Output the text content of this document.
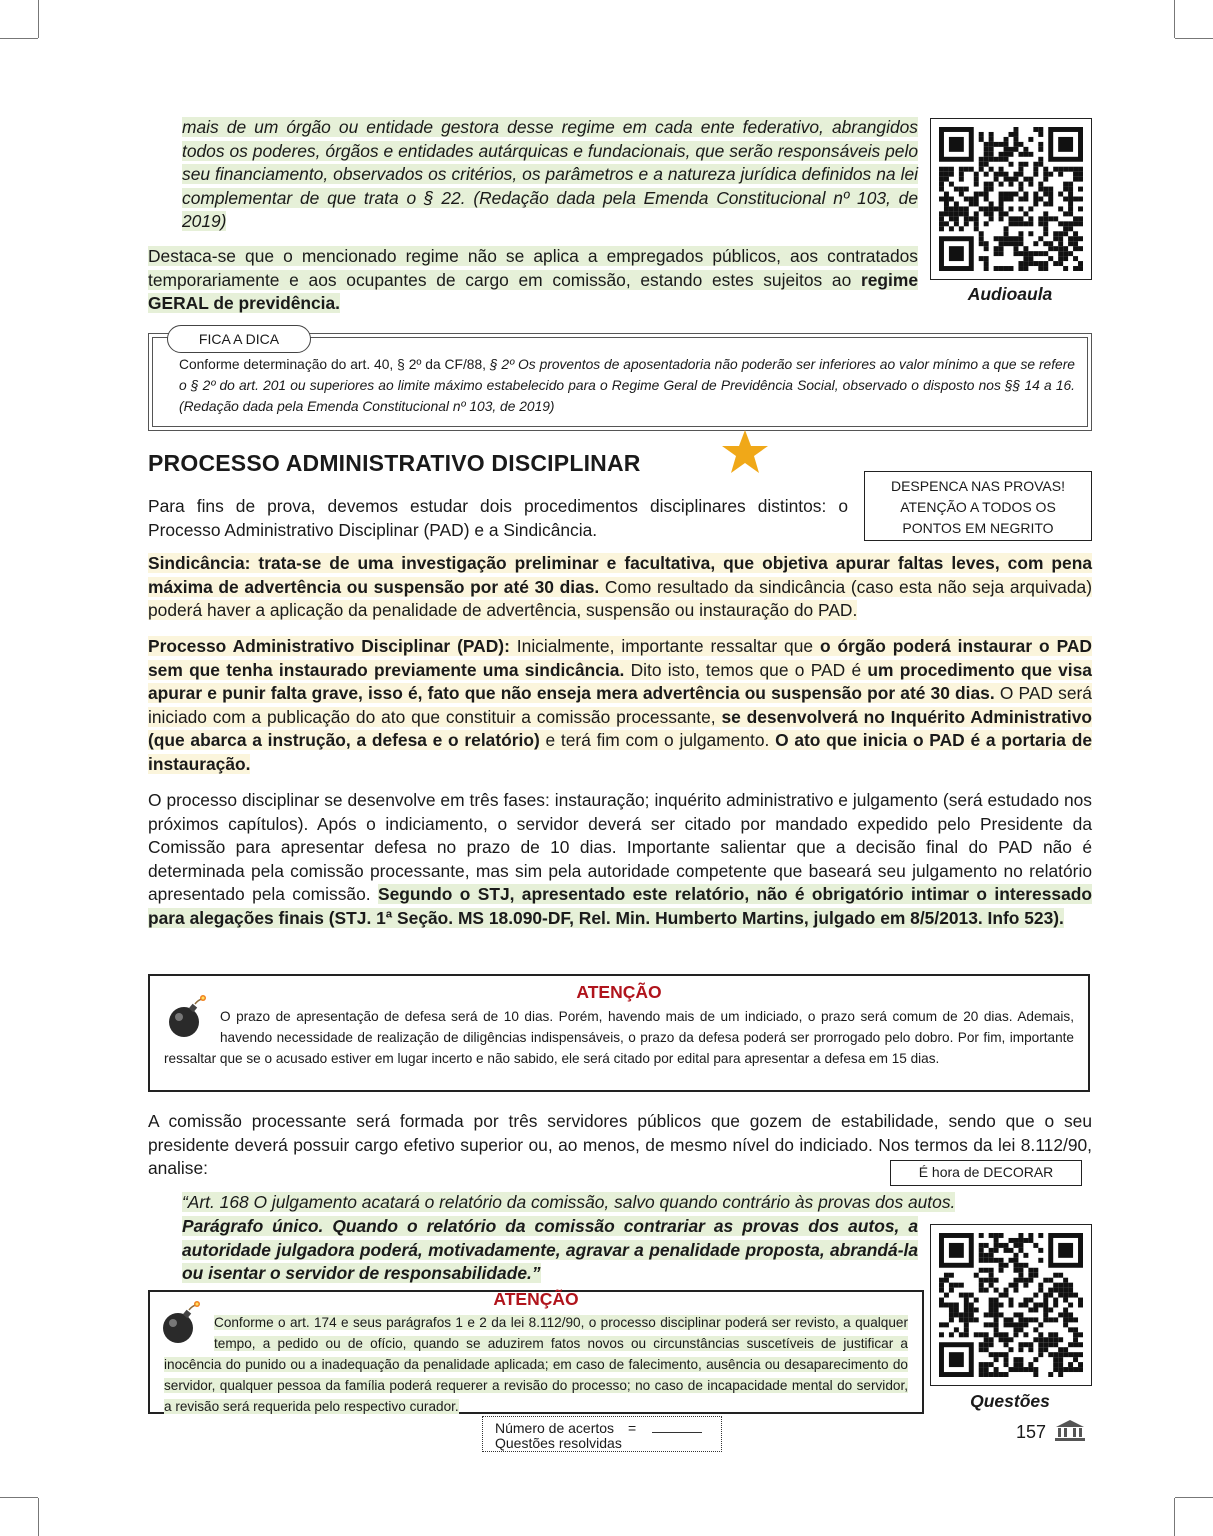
mais de um órgão ou entidade gestora desse regime em cada ente federativo, abrangidos todos os poderes, órgãos e entidades autárquicas e fundacionais, que serão responsáveis pelo seu financiamento, observados os critérios, os parâmetros e a natureza jurídica definidos na lei complementar de que trata o § 22. (Redação dada pela Emenda Constitucional nº 103, de 2019)

Destaca-se que o mencionado regime não se aplica a empregados públicos, aos contratados temporariamente e aos ocupantes de cargo em comissão, estando estes sujeitos ao regime GERAL de previdência.	Audioaula
FICA A DICA
Conforme determinação do art. 40, § 2º da CF/88, § 2º Os proventos de aposentadoria não poderão ser inferiores ao valor mínimo a que se refere o § 2º do art. 201 ou superiores ao limite máximo estabelecido para o Regime Geral de Previdência Social, observado o disposto nos §§ 14 a 16. (Redação dada pela Emenda Constitucional nº 103, de 2019)
PROCESSO ADMINISTRATIVO DISCIPLINAR
DESPENCA NAS PROVAS!
ATENÇÃO A TODOS OS
PONTOS EM NEGRITO

Para fins de prova, devemos estudar dois procedimentos disciplinares distintos: o Processo Administrativo Disciplinar (PAD) e a Sindicância.

Sindicância: trata-se de uma investigação preliminar e facultativa, que objetiva apurar faltas leves, com pena máxima de advertência ou suspensão por até 30 dias. Como resultado da sindicância (caso esta não seja arquivada) poderá haver a aplicação da penalidade de advertência, suspensão ou instauração do PAD.

Processo Administrativo Disciplinar (PAD): Inicialmente, importante ressaltar que o órgão poderá instaurar o PAD sem que tenha instaurado previamente uma sindicância. Dito isto, temos que o PAD é um procedimento que visa apurar e punir falta grave, isso é, fato que não enseja mera advertência ou suspensão por até 30 dias. O PAD será iniciado com a publicação do ato que constituir a comissão processante, se desenvolverá no Inquérito Administrativo (que abarca a instrução, a defesa e o relatório) e terá fim com o julgamento. O ato que inicia o PAD é a portaria de instauração.

O processo disciplinar se desenvolve em três fases: instauração; inquérito administrativo e julgamento (será estudado nos próximos capítulos). Após o indiciamento, o servidor deverá ser citado por mandado expedido pelo Presidente da Comissão para apresentar defesa no prazo de 10 dias. Importante salientar que a decisão final do PAD não é determinada pela comissão processante, mas sim pela autoridade competente que baseará seu julgamento no relatório apresentado pela comissão. Segundo o STJ, apresentado este relatório, não é obrigatório intimar o interessado para alegações finais (STJ. 1ª Seção. MS 18.090-DF, Rel. Min. Humberto Martins, julgado em 8/5/2013. Info 523).

ATENÇÃO
O prazo de apresentação de defesa será de 10 dias. Porém, havendo mais de um indiciado, o prazo será comum de 20 dias. Ademais, havendo necessidade de realização de diligências indispensáveis, o prazo da defesa poderá ser prorrogado pelo dobro. Por fim, importante ressaltar que se o acusado estiver em lugar incerto e não sabido, ele será citado por edital para apresentar a defesa em 15 dias.

A comissão processante será formada por três servidores públicos que gozem de estabilidade, sendo que o seu presidente deverá possuir cargo efetivo superior ou, ao menos, de mesmo nível do indiciado. Nos termos da lei 8.112/90, analise:	É hora de DECORAR

“Art. 168 O julgamento acatará o relatório da comissão, salvo quando contrário às provas dos autos.

Parágrafo único. Quando o relatório da comissão contrariar as provas dos autos, a autoridade julgadora poderá, motivadamente, agravar a penalidade proposta, abrandá-la ou isentar o servidor de responsabilidade.”

Questões
ATENÇÃO
Conforme o art. 174 e seus parágrafos 1 e 2 da lei 8.112/90, o processo disciplinar poderá ser revisto, a qualquer tempo, a pedido ou de ofício, quando se aduzirem fatos novos ou circunstâncias suscetíveis de justificar a inocência do punido ou a inadequação da penalidade aplicada; em caso de falecimento, ausência ou desaparecimento do servidor, qualquer pessoa da família poderá requerer a revisão do processo; no caso de incapacidade mental do servidor, a revisão será requerida pelo respectivo curador.
Número de acertos =
Questões resolvidas
157
